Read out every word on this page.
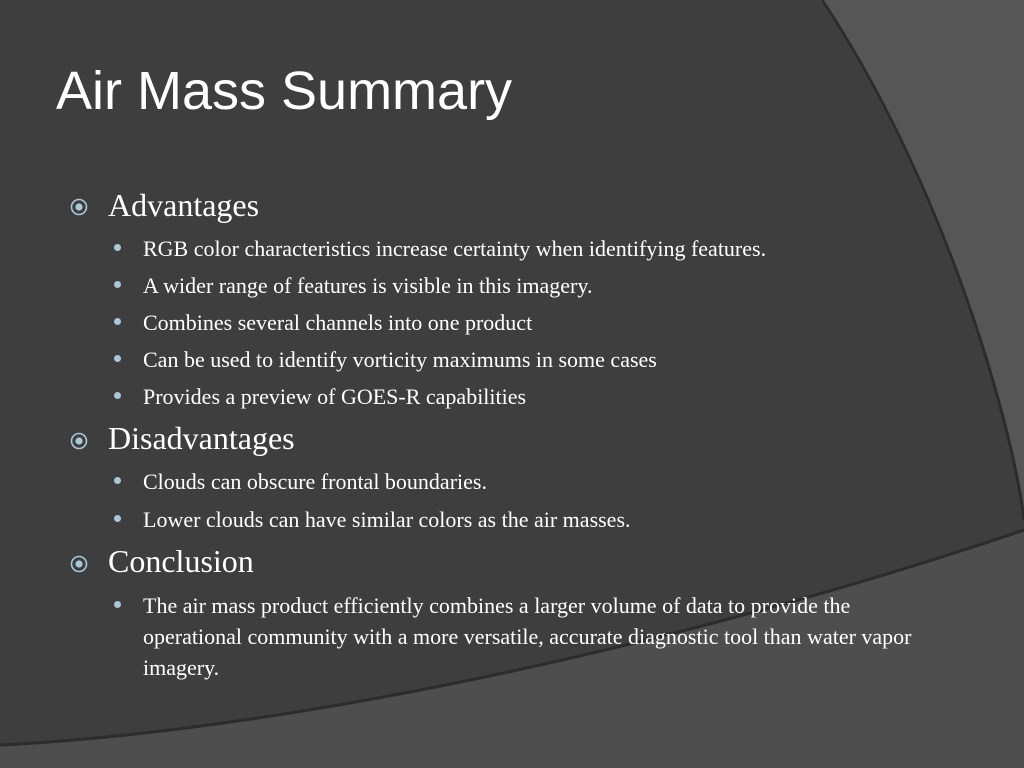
Air Mass Summary
Advantages
RGB color characteristics increase certainty when identifying features.
A wider range of features is visible in this imagery.
Combines several channels into one product
Can be used to identify vorticity maximums in some cases
Provides a preview of GOES-R capabilities
Disadvantages
Clouds can obscure frontal boundaries.
Lower clouds can have similar colors as the air masses.
Conclusion
The air mass product efficiently combines a larger volume of data to provide the operational community with a more versatile, accurate diagnostic tool than water vapor imagery.
